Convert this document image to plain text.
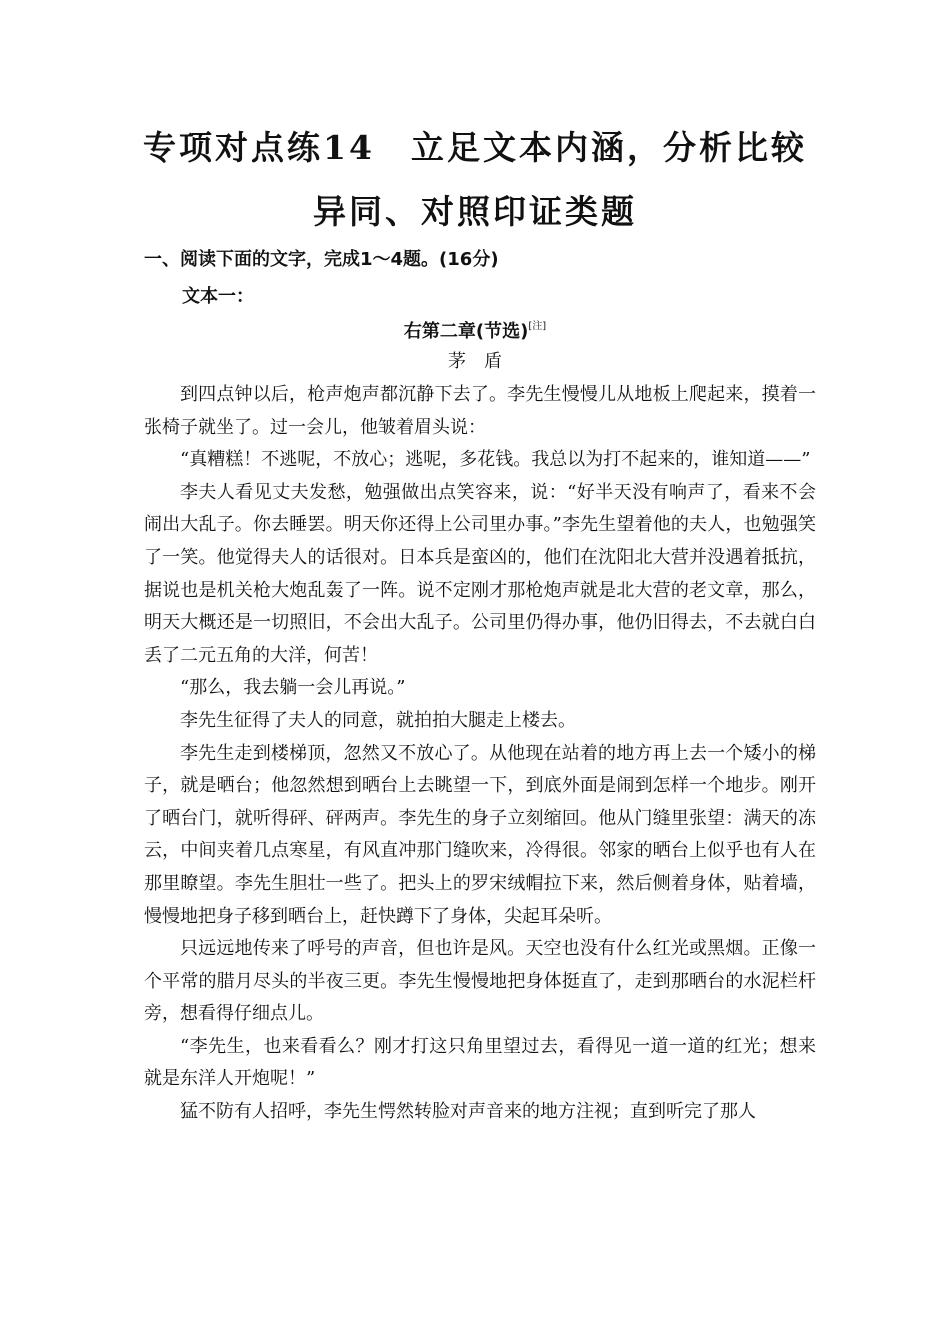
专项对点练14　立足文本内涵，分析比较
异同、对照印证类题
一、阅读下面的文字，完成1～4题。(16分)
文本一：
右第二章(节选)[注]
茅 盾

到四点钟以后，枪声炮声都沉静下去了。李先生慢慢儿从地板上爬起来，摸着一张椅子就坐了。过一会儿，他皱着眉头说：

“真糟糕！不逃呢，不放心；逃呢，多花钱。我总以为打不起来的，谁知道——”

李夫人看见丈夫发愁，勉强做出点笑容来，说：“好半天没有响声了，看来不会闹出大乱子。你去睡罢。明天你还得上公司里办事。”李先生望着他的夫人，也勉强笑了一笑。他觉得夫人的话很对。日本兵是蛮凶的，他们在沈阳北大营并没遇着抵抗，据说也是机关枪大炮乱轰了一阵。说不定刚才那枪炮声就是北大营的老文章，那么，明天大概还是一切照旧，不会出大乱子。公司里仍得办事，他仍旧得去，不去就白白丢了二元五角的大洋，何苦！

“那么，我去躺一会儿再说。”

李先生征得了夫人的同意，就拍拍大腿走上楼去。

李先生走到楼梯顶，忽然又不放心了。从他现在站着的地方再上去一个矮小的梯子，就是晒台；他忽然想到晒台上去眺望一下，到底外面是闹到怎样一个地步。刚开了晒台门，就听得砰、砰两声。李先生的身子立刻缩回。他从门缝里张望：满天的冻云，中间夹着几点寒星，有风直冲那门缝吹来，冷得很。邻家的晒台上似乎也有人在那里瞭望。李先生胆壮一些了。把头上的罗宋绒帽拉下来，然后侧着身体，贴着墙，慢慢地把身子移到晒台上，赶快蹲下了身体，尖起耳朵听。

只远远地传来了呼号的声音，但也许是风。天空也没有什么红光或黑烟。正像一个平常的腊月尽头的半夜三更。李先生慢慢地把身体挺直了，走到那晒台的水泥栏杆旁，想看得仔细点儿。

“李先生，也来看看么？刚才打这只角里望过去，看得见一道一道的红光；想来就是东洋人开炮呢！”

猛不防有人招呼，李先生愕然转脸对声音来的地方注视；直到听完了那人
